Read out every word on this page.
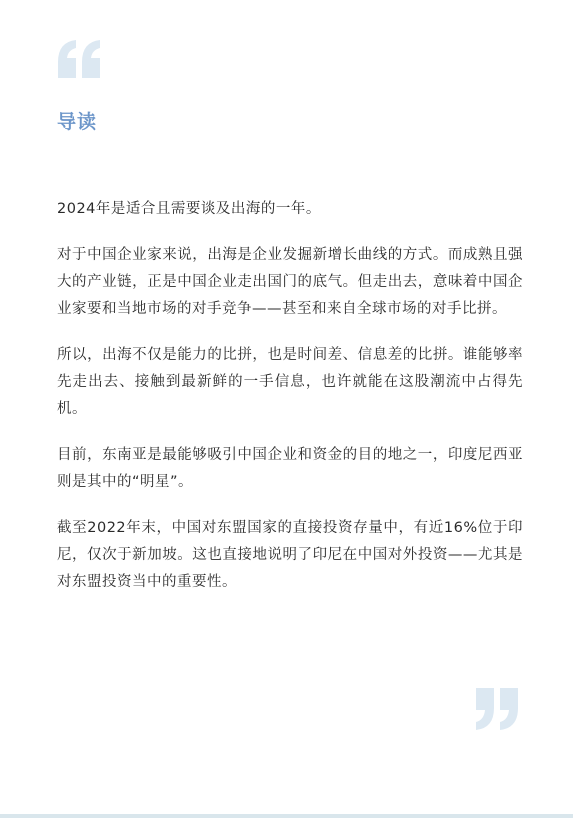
导读

2024年是适合且需要谈及出海的一年。

对于中国企业家来说，出海是企业发掘新增长曲线的方式。而成熟且强大的产业链，正是中国企业走出国门的底气。但走出去，意味着中国企业家要和当地市场的对手竞争——甚至和来自全球市场的对手比拼。

所以，出海不仅是能力的比拼，也是时间差、信息差的比拼。谁能够率先走出去、接触到最新鲜的一手信息，也许就能在这股潮流中占得先机。

目前，东南亚是最能够吸引中国企业和资金的目的地之一，印度尼西亚则是其中的“明星”。

截至2022年末，中国对东盟国家的直接投资存量中，有近16%位于印尼，仅次于新加坡。这也直接地说明了印尼在中国对外投资——尤其是对东盟投资当中的重要性。
